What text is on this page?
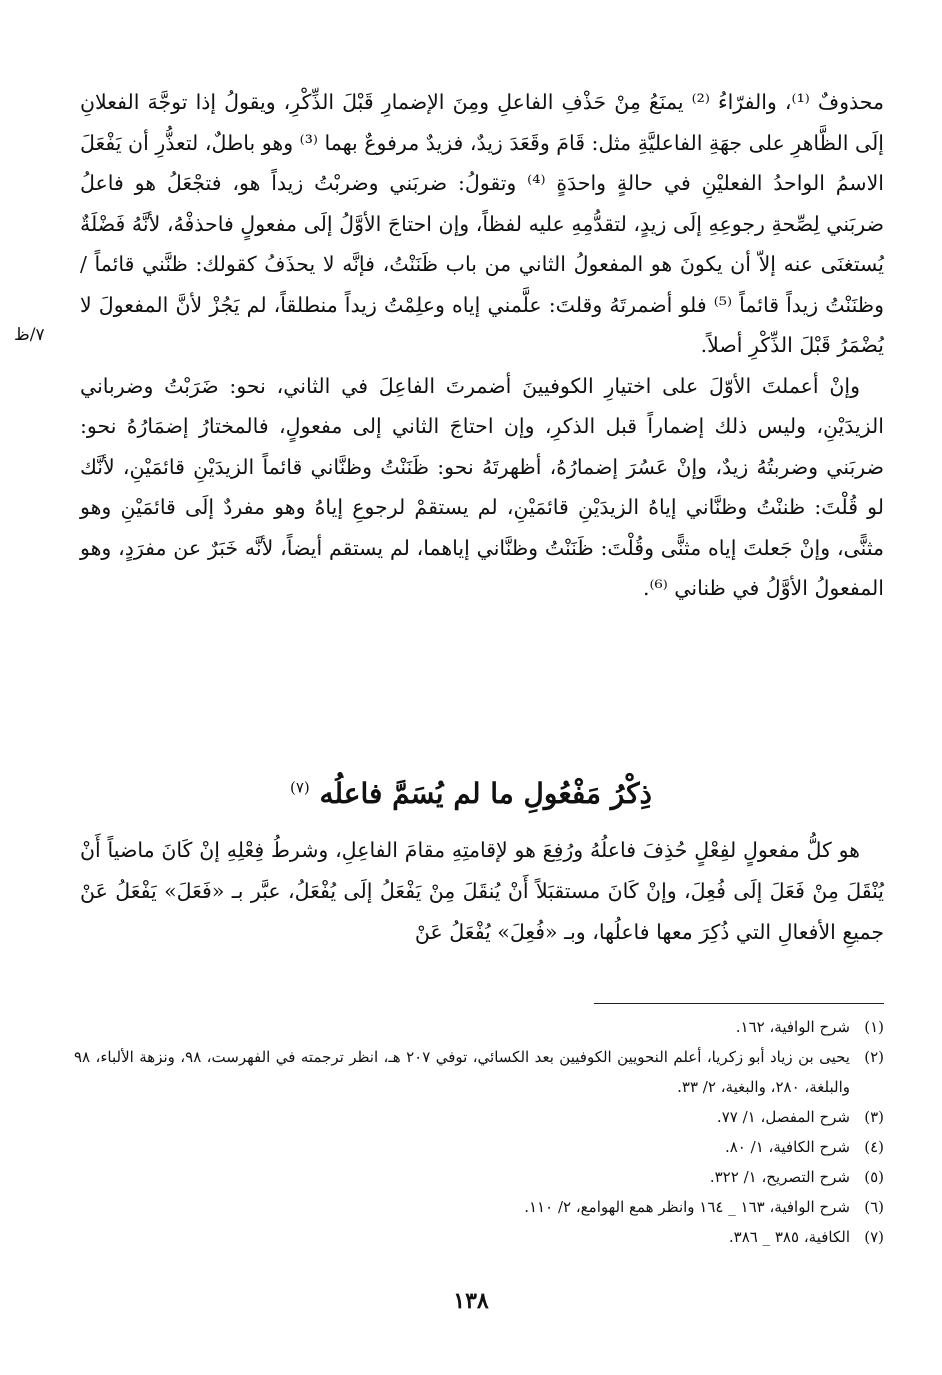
٧/ظ

محذوفٌ ⁽¹⁾، والفرّاءُ ⁽²⁾ يمنَعُ مِنْ حَذْفِ الفاعلِ ومِنَ الإضمارِ قَبْلَ الذِّكْرِ، ويقولُ إذا توجَّهَ الفعلانِ إلَى الظَّاهرِ على جهَةِ الفاعليَّةِ مثل: قَامَ وقَعَدَ زيدٌ، فزيدٌ مرفوعٌ بهما ⁽³⁾ وهو باطلٌ، لتعذُّرِ أن يَفْعَلَ الاسمُ الواحدُ الفعليْنِ في حالةٍ واحدَةٍ ⁽⁴⁾ وتقولُ: ضربَني وضربْتُ زيداً هو، فتجْعَلُ هو فاعلُ ضربَني لِصِّحةِ رجوعِهِ إلَى زيدٍ، لتقدُّمِهِ عليه لفظاً، وإن احتاجَ الأوَّلُ إلَى مفعولٍ فاحذفْهُ، لأنَّهُ فَضْلَةٌ يُستغنَى عنه إلاّ أن يكونَ هو المفعولُ الثاني من باب ظَنَنْتُ، فإنَّه لا يحذَفُ كقولك: ظنَّني قائماً / وظنَنْتُ زيداً قائماً ⁽⁵⁾ فلو أضمرتَهُ وقلتَ: علَّمني إياه وعلِمْتُ زيداً منطلقاً، لم يَجُزْ لأنَّ المفعولَ لا يُضْمَرُ قَبْلَ الذِّكْرِ أصلاً.

وإنْ أعملتَ الأوّلَ على اختيارِ الكوفيينَ أضمرتَ الفاعِلَ في الثاني، نحو: ضَرَبْتُ وضرباني الزيدَيْنِ، وليس ذلك إضماراً قبل الذكرِ، وإن احتاجَ الثاني إلى مفعولٍ، فالمختارُ إضمَارُهُ نحو: ضربَني وضربتُهُ زيدٌ، وإنْ عَسُرَ إضمارُهُ، أظهرتَهُ نحو: ظَنَنْتُ وظنَّاني قائماً الزيدَيْنِ قائمَيْنِ، لأنَّك لو قُلْتَ: ظننْتُ وظنَّاني إياهُ الزيدَيْنِ قائمَيْنِ، لم يستقمْ لرجوعِ إياهُ وهو مفردٌ إلَى قائمَيْنِ وهو مثنًّى، وإنْ جَعلتَ إياه مثنًّى وقُلْتَ: ظَنَنْتُ وظنَّاني إياهما، لم يستقم أيضاً، لأنَّه خَبَرٌ عن مفرَدٍ، وهو المفعولُ الأوَّلُ في ظناني ⁽⁶⁾.

ذِكْرُ مَفْعُولِ ما لم يُسَمَّ فاعلُه $^{(٧)}$

هو كلُّ مفعولٍ لفِعْلٍ حُذِفَ فاعلُهُ ورُفِعَ هو لإقامتِهِ مقامَ الفاعِلِ، وشرطُ فِعْلِهِ إنْ كَانَ ماضياً أَنْ يُنْقَلَ مِنْ فَعَلَ إلَى فُعِلَ، وإنْ كَانَ مستقبَلاً أَنْ يُنقَلَ مِنْ يَفْعَلُ إلَى يُفْعَلُ، عبَّر بـ «فَعَلَ» يَفْعَلُ عَنْ جميعِ الأفعالِ التي ذُكِرَ معها فاعلُها، وبـ «فُعِلَ» يُفْعَلُ عَنْ

(١)
شرح الوافية، ١٦٢.
(٢)
يحيى بن زياد أبو زكريا، أعلم النحويين الكوفيين بعد الكسائي، توفي ٢٠٧ هـ، انظر ترجمته في الفهرست، ٩٨، ونزهة الألباء، ٩٨ والبلغة، ٢٨٠، والبغية، ٢/ ٣٣.
(٣)
شرح المفصل، ١/ ٧٧.
(٤)
شرح الكافية، ١/ ٨٠.
(٥)
شرح التصريح، ١/ ٣٢٢.
(٦)
شرح الوافية، ١٦٣ _ ١٦٤ وانظر همع الهوامع، ٢/ ١١٠.
(٧)
الكافية، ٣٨٥ _ ٣٨٦.
١٣٨
